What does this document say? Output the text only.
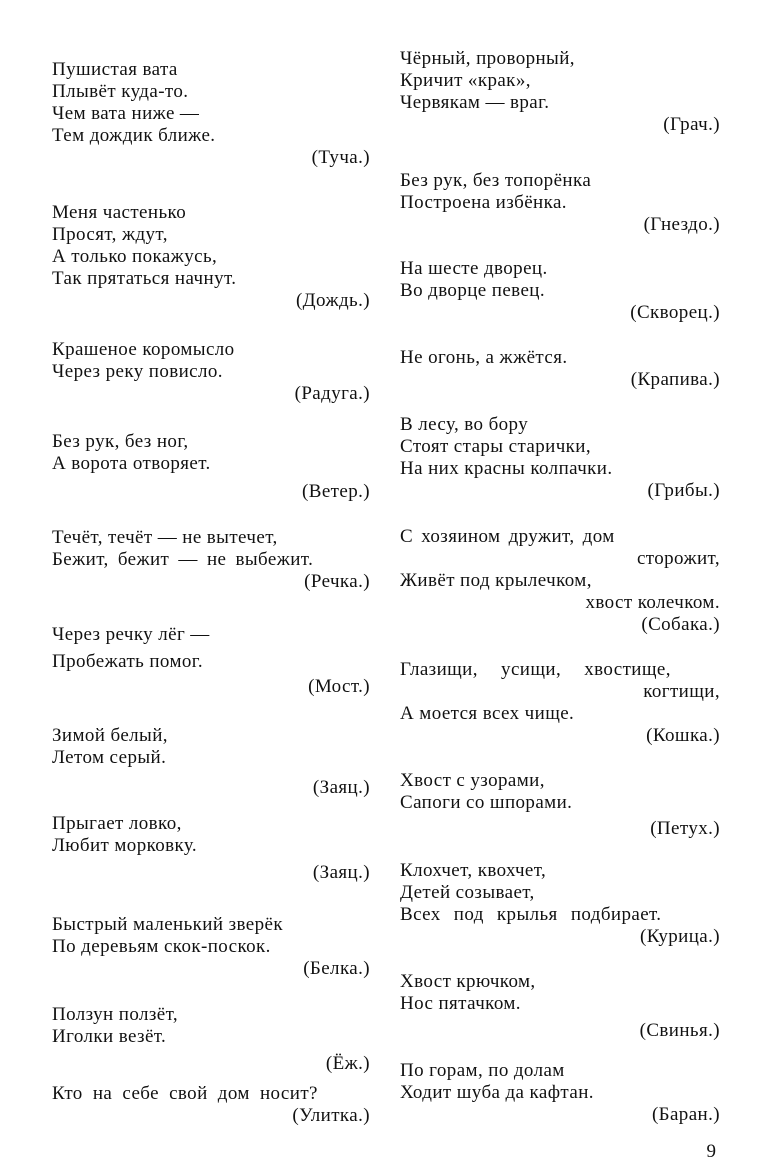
Пушистая вата
Плывёт куда-то.
Чем вата ниже —
Тем дождик ближе.
(Туча.)
Меня частенько
Просят, ждут,
А только покажусь,
Так прятаться начнут.
(Дождь.)
Крашеное коромысло
Через реку повисло.
(Радуга.)
Без рук, без ног,
А ворота отворяет.
(Ветер.)
Течёт, течёт — не вытечет,
Бежит, бежит — не выбежит.
(Речка.)
Через речку лёг —
Пробежать помог.
(Мост.)
Зимой белый,
Летом серый.
(Заяц.)
Прыгает ловко,
Любит морковку.
(Заяц.)
Быстрый маленький зверёк
По деревьям скок-поскок.
(Белка.)
Ползун ползёт,
Иголки везёт.
(Ёж.)
Кто на себе свой дом носит?
(Улитка.)
Чёрный, проворный,
Кричит «крак»,
Червякам — враг.
(Грач.)
Без рук, без топорёнка
Построена избёнка.
(Гнездо.)
На шесте дворец.
Во дворце певец.
(Скворец.)
Не огонь, а жжётся.
(Крапива.)
В лесу, во бору
Стоят стары старички,
На них красны колпачки.
(Грибы.)
С хозяином дружит, дом
сторожит,
Живёт под крылечком,
хвост колечком.
(Собака.)
Глазищи, усищи, хвостище,
когтищи,
А моется всех чище.
(Кошка.)
Хвост с узорами,
Сапоги со шпорами.
(Петух.)
Клохчет, квохчет,
Детей созывает,
Всех под крылья подбирает.
(Курица.)
Хвост крючком,
Нос пятачком.
(Свинья.)
По горам, по долам
Ходит шуба да кафтан.
(Баран.)
9
